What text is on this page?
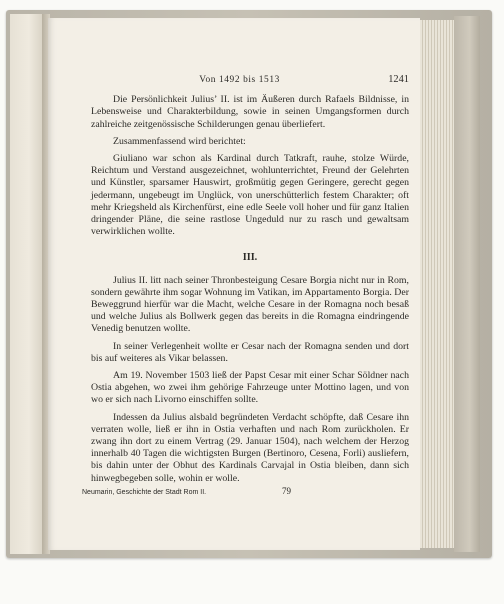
Von 1492 bis 1513	1241

Die Persönlichkeit Julius’ II. ist im Äußeren durch Rafaels Bildnisse, in Lebensweise und Charakterbildung, sowie in seinen Umgangsformen durch zahlreiche zeitgenössische Schilderungen genau überliefert.

Zusammenfassend wird berichtet:

Giuliano war schon als Kardinal durch Tatkraft, rauhe, stolze Würde, Reichtum und Verstand ausgezeichnet, wohlunterrichtet, Freund der Gelehrten und Künstler, sparsamer Hauswirt, großmütig gegen Geringere, gerecht gegen jedermann, ungebeugt im Unglück, von unerschütterlich festem Charakter; oft mehr Kriegsheld als Kirchenfürst, eine edle Seele voll hoher und für ganz Italien dringender Pläne, die seine rastlose Ungeduld nur zu rasch und gewaltsam verwirklichen wollte.

III.

Julius II. litt nach seiner Thronbesteigung Cesare Borgia nicht nur in Rom, sondern gewährte ihm sogar Wohnung im Vatikan, im Appartamento Borgia. Der Beweggrund hierfür war die Macht, welche Cesare in der Romagna noch besaß und welche Julius als Bollwerk gegen das bereits in die Romagna eindringende Venedig benutzen wollte.

In seiner Verlegenheit wollte er Cesar nach der Romagna senden und dort bis auf weiteres als Vikar belassen.

Am 19. November 1503 ließ der Papst Cesar mit einer Schar Söldner nach Ostia abgehen, wo zwei ihm gehörige Fahrzeuge unter Mottino lagen, und von wo er sich nach Livorno einschiffen sollte.

Indessen da Julius alsbald begründeten Verdacht schöpfte, daß Cesare ihn verraten wolle, ließ er ihn in Ostia verhaften und nach Rom zurückholen. Er zwang ihn dort zu einem Vertrag (29. Januar 1504), nach welchem der Herzog innerhalb 40 Tagen die wichtigsten Burgen (Bertinoro, Cesena, Forli) ausliefern, bis dahin unter der Obhut des Kardinals Carvajal in Ostia bleiben, dann sich hinwegbegeben solle, wohin er wolle.

Neumarin, Geschichte der Stadt Rom II.	79
